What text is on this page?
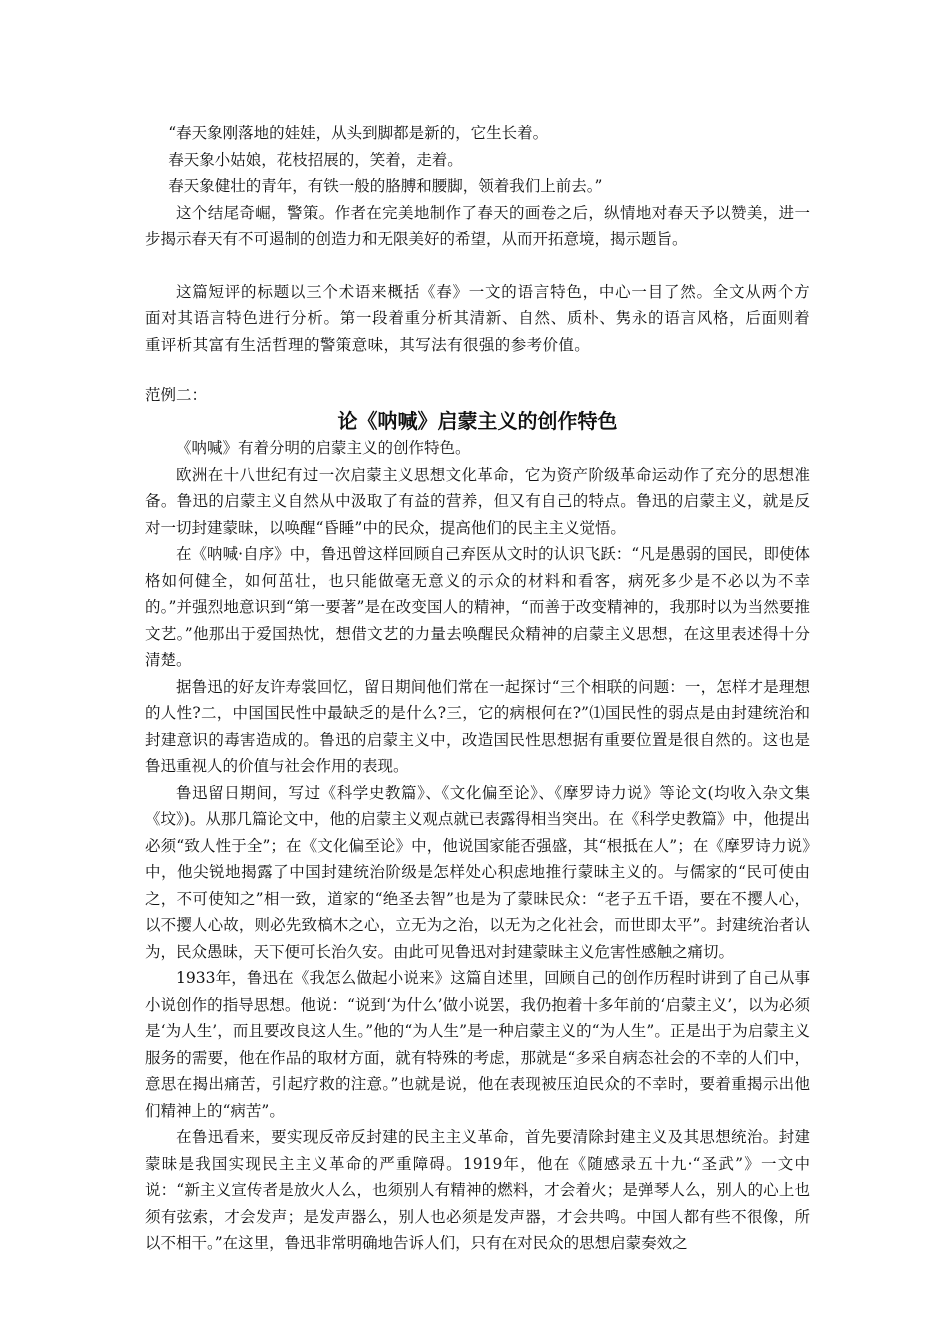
“春天象刚落地的娃娃，从头到脚都是新的，它生长着。

春天象小姑娘，花枝招展的，笑着，走着。

春天象健壮的青年，有铁一般的胳膊和腰脚，领着我们上前去。”

这个结尾奇崛，警策。作者在完美地制作了春天的画卷之后，纵情地对春天予以赞美，进一步揭示春天有不可遏制的创造力和无限美好的希望，从而开拓意境，揭示题旨。

这篇短评的标题以三个术语来概括《春》一文的语言特色，中心一目了然。全文从两个方面对其语言特色进行分析。第一段着重分析其清新、自然、质朴、隽永的语言风格，后面则着重评析其富有生活哲理的警策意味，其写法有很强的参考价值。

范例二：
论《呐喊》启蒙主义的创作特色

《呐喊》有着分明的启蒙主义的创作特色。

欧洲在十八世纪有过一次启蒙主义思想文化革命，它为资产阶级革命运动作了充分的思想准备。鲁迅的启蒙主义自然从中汲取了有益的营养，但又有自己的特点。鲁迅的启蒙主义，就是反对一切封建蒙昧，以唤醒“昏睡”中的民众，提高他们的民主主义觉悟。

在《呐喊·自序》中，鲁迅曾这样回顾自己弃医从文时的认识飞跃：“凡是愚弱的国民，即使体格如何健全，如何茁壮，也只能做毫无意义的示众的材料和看客，病死多少是不必以为不幸的。”并强烈地意识到“第一要著”是在改变国人的精神，“而善于改变精神的，我那时以为当然要推文艺。”他那出于爱国热忱，想借文艺的力量去唤醒民众精神的启蒙主义思想，在这里表述得十分清楚。

据鲁迅的好友许寿裳回忆，留日期间他们常在一起探讨“三个相联的问题：一，怎样才是理想的人性?二，中国国民性中最缺乏的是什么?三，它的病根何在?”⑴国民性的弱点是由封建统治和封建意识的毒害造成的。鲁迅的启蒙主义中，改造国民性思想据有重要位置是很自然的。这也是鲁迅重视人的价值与社会作用的表现。

鲁迅留日期间，写过《科学史教篇》、《文化偏至论》、《摩罗诗力说》等论文(均收入杂文集《坟》)。从那几篇论文中，他的启蒙主义观点就已表露得相当突出。在《科学史教篇》中，他提出必须“致人性于全”；在《文化偏至论》中，他说国家能否强盛，其“根抵在人”；在《摩罗诗力说》中，他尖锐地揭露了中国封建统治阶级是怎样处心积虑地推行蒙昧主义的。与儒家的“民可使由之，不可使知之”相一致，道家的“绝圣去智”也是为了蒙昧民众：“老子五千语，要在不撄人心，以不撄人心故，则必先致槁木之心，立无为之治，以无为之化社会，而世即太平”。封建统治者认为，民众愚昧，天下便可长治久安。由此可见鲁迅对封建蒙昧主义危害性感触之痛切。

1933年，鲁迅在《我怎么做起小说来》这篇自述里，回顾自己的创作历程时讲到了自己从事小说创作的指导思想。他说：“说到‘为什么’做小说罢，我仍抱着十多年前的‘启蒙主义’，以为必须是‘为人生’，而且要改良这人生。”他的“为人生”是一种启蒙主义的“为人生”。正是出于为启蒙主义服务的需要，他在作品的取材方面，就有特殊的考虑，那就是“多采自病态社会的不幸的人们中，意思在揭出痛苦，引起疗救的注意。”也就是说，他在表现被压迫民众的不幸时，要着重揭示出他们精神上的“病苦”。

在鲁迅看来，要实现反帝反封建的民主主义革命，首先要清除封建主义及其思想统治。封建蒙昧是我国实现民主主义革命的严重障碍。1919年，他在《随感录五十九·“圣武”》一文中说：“新主义宣传者是放火人么，也须别人有精神的燃料，才会着火；是弹琴人么，别人的心上也须有弦索，才会发声；是发声器么，别人也必须是发声器，才会共鸣。中国人都有些不很像，所以不相干。”在这里，鲁迅非常明确地告诉人们，只有在对民众的思想启蒙奏效之
